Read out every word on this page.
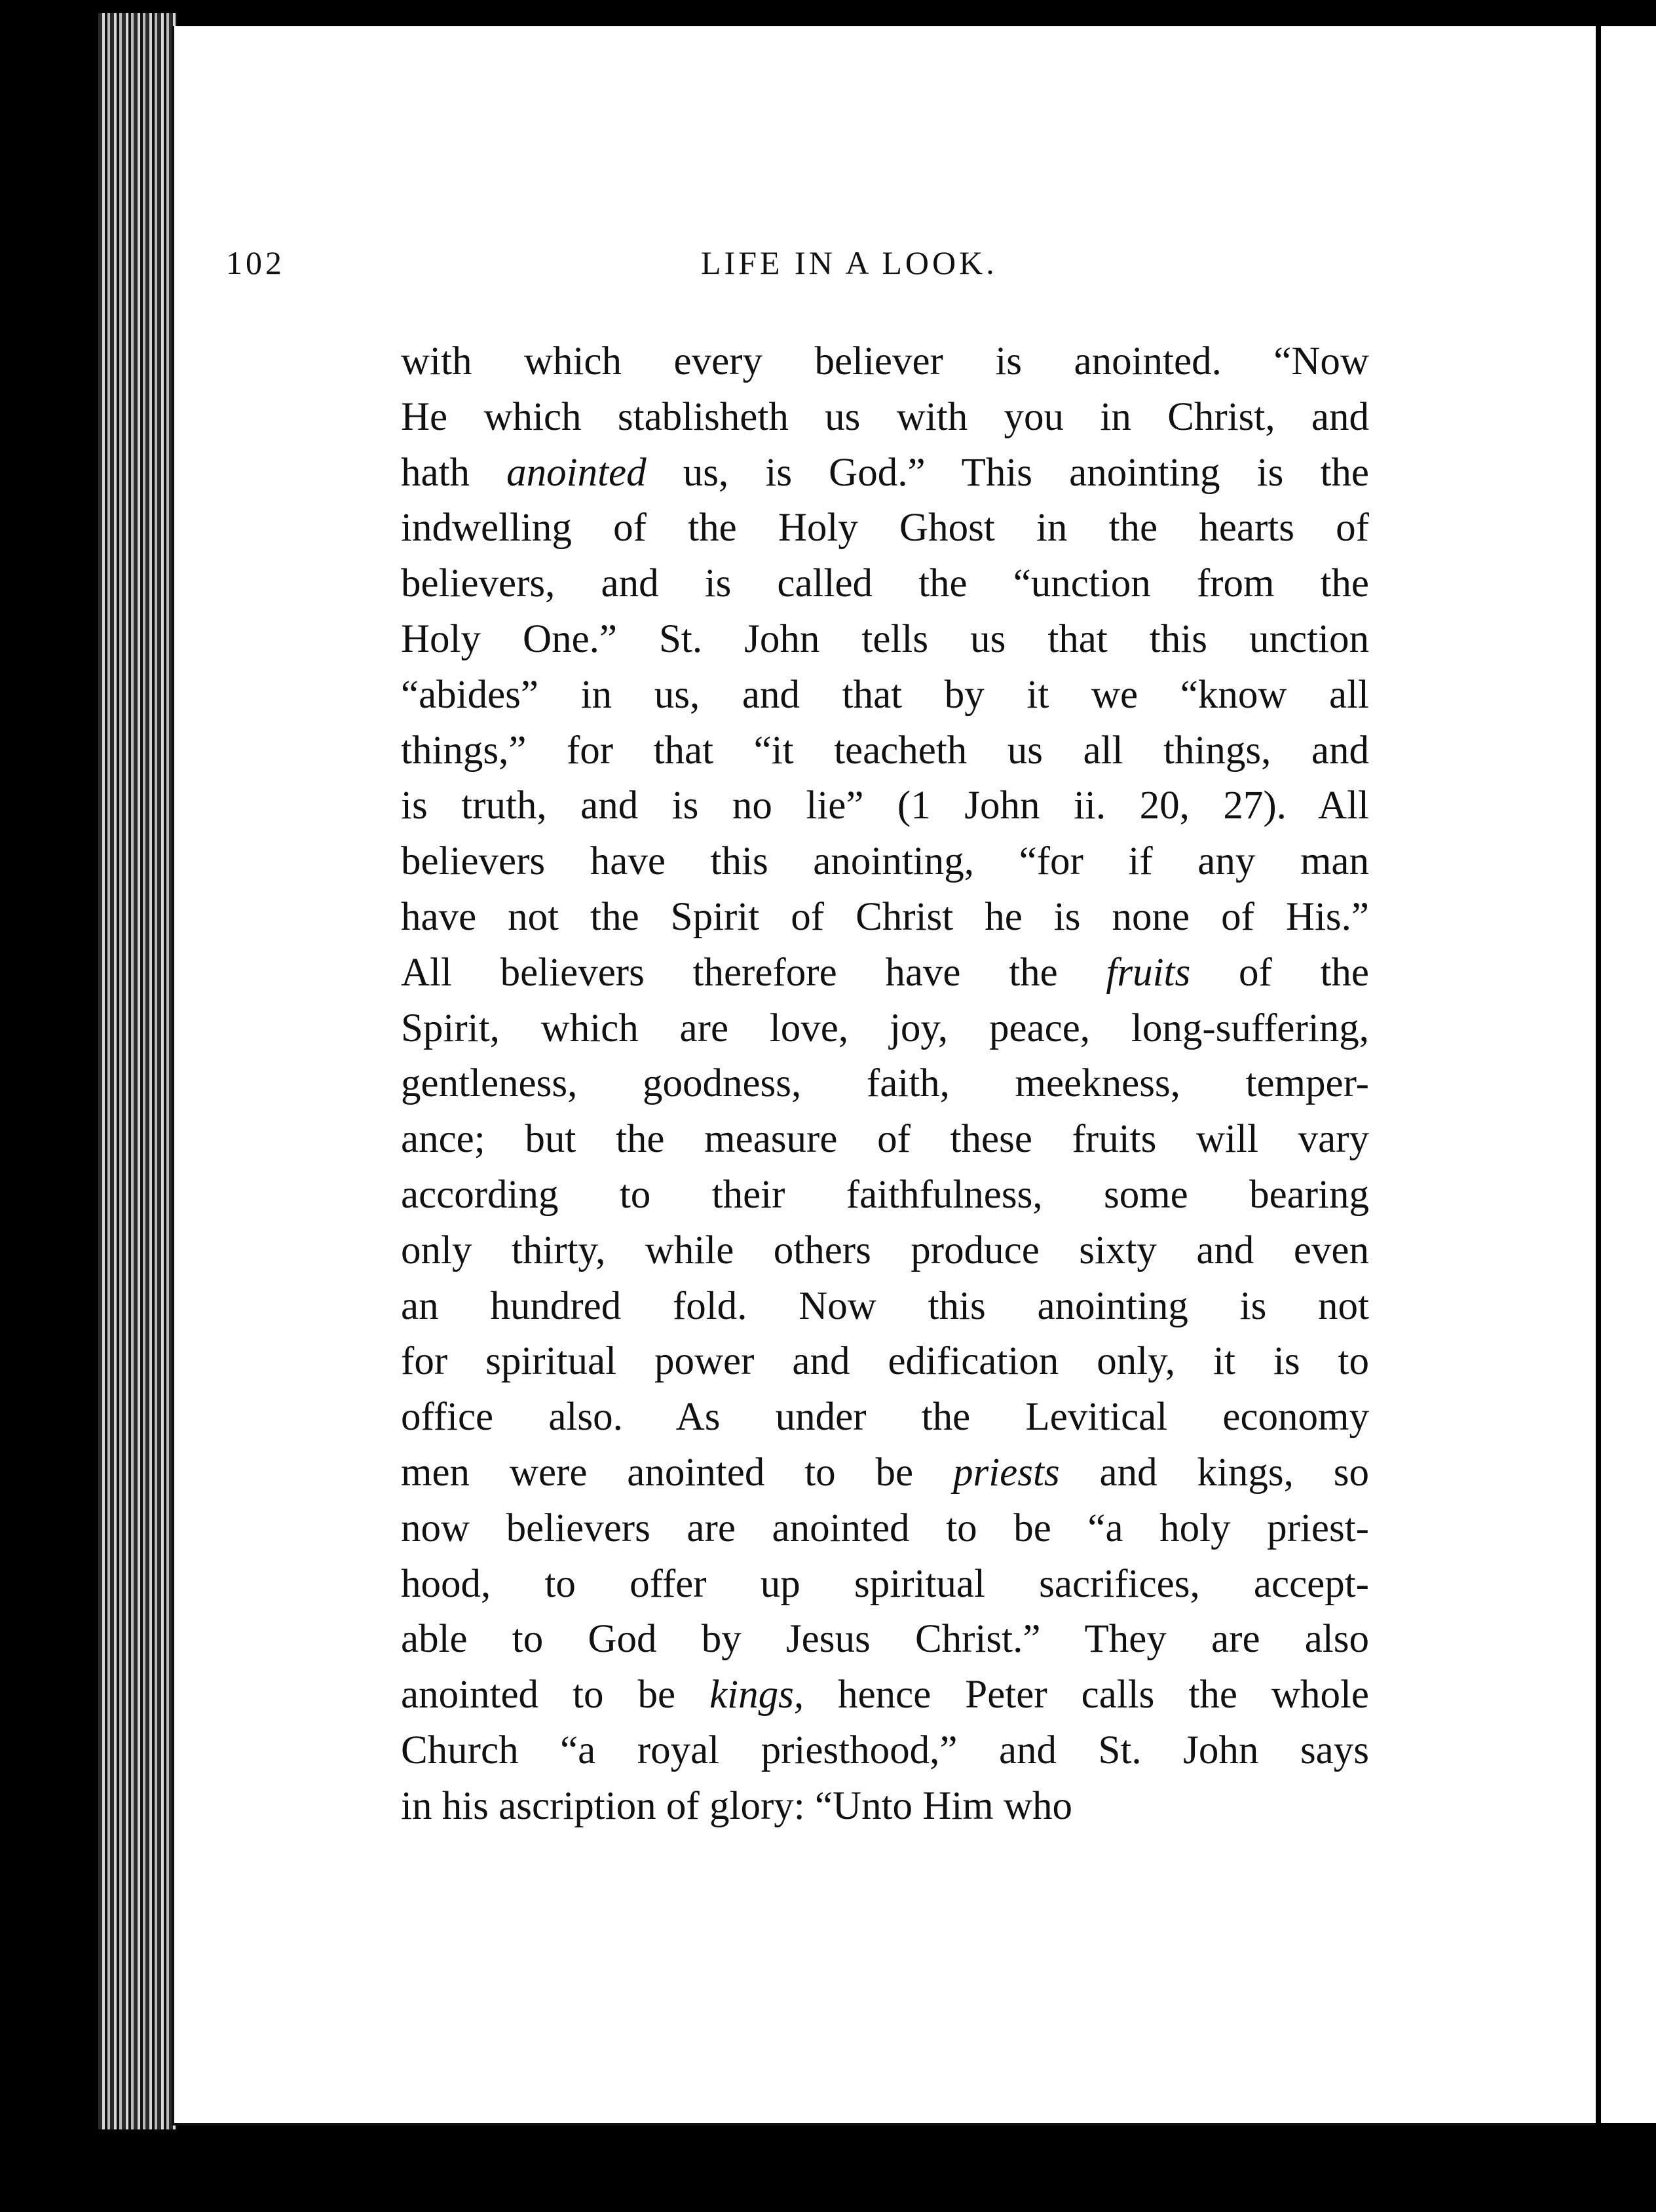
102	LIFE IN A LOOK.
with which every believer is anointed. “Now
He which stablisheth us with you in Christ, and
hath anointed us, is God.” This anointing is the
indwelling of the Holy Ghost in the hearts of
believers, and is called the “unction from the
Holy One.” St. John tells us that this unction
“abides” in us, and that by it we “know all
things,” for that “it teacheth us all things, and
is truth, and is no lie” (1 John ii. 20, 27). All
believers have this anointing, “for if any man
have not the Spirit of Christ he is none of His.”
All believers therefore have the fruits of the
Spirit, which are love, joy, peace, long-suffering,
gentleness, goodness, faith, meekness, temper-
ance; but the measure of these fruits will vary
according to their faithfulness, some bearing
only thirty, while others produce sixty and even
an hundred fold. Now this anointing is not
for spiritual power and edification only, it is to
office also. As under the Levitical economy
men were anointed to be priests and kings, so
now believers are anointed to be “a holy priest-
hood, to offer up spiritual sacrifices, accept-
able to God by Jesus Christ.” They are also
anointed to be kings, hence Peter calls the whole
Church “a royal priesthood,” and St. John says
in his ascription of glory: “Unto Him who
